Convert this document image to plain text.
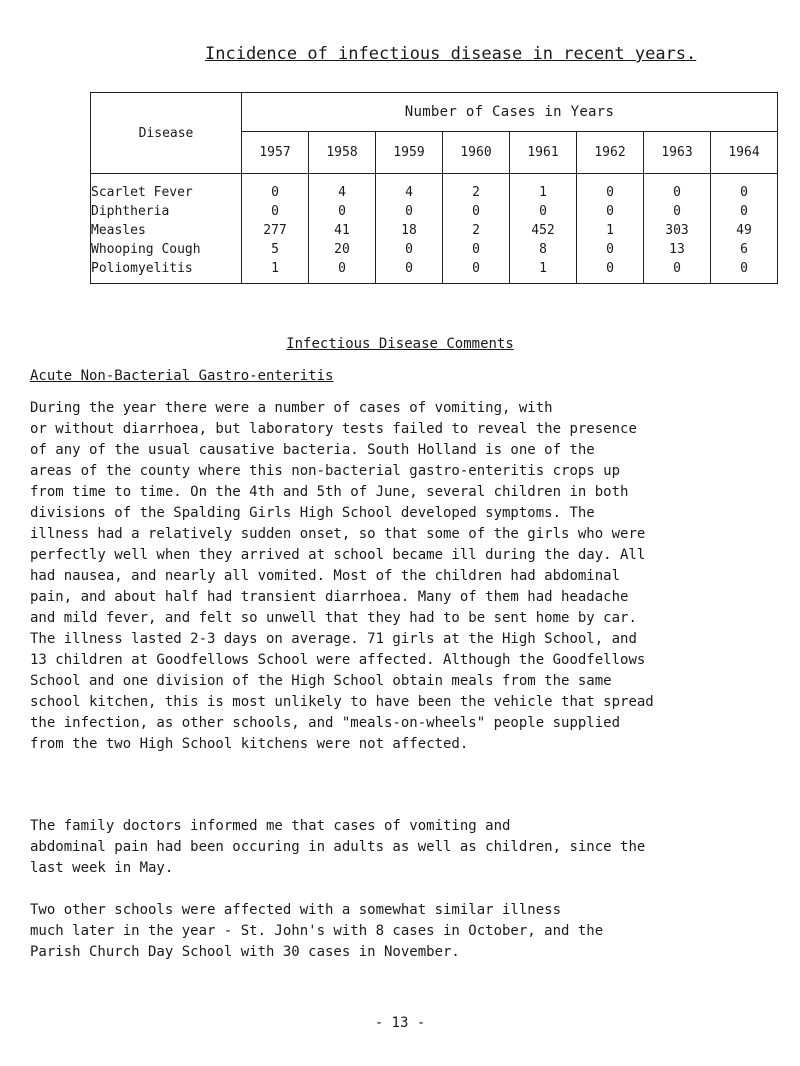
Incidence of infectious disease in recent years.
Disease	Number of Cases in Years							
	1957	1958	1959	1960	1961	1962	1963	1964
Scarlet Fever	0	4	4	2	1	0	0	0
Diphtheria	0	0	0	0	0	0	0	0
Measles	277	41	18	2	452	1	303	49
Whooping Cough	5	20	0	0	8	0	13	6
Poliomyelitis	1	0	0	0	1	0	0	0
Infectious Disease Comments
Acute Non-Bacterial Gastro-enteritis
During the year there were a number of cases of vomiting, with
or without diarrhoea, but laboratory tests failed to reveal the presence
of any of the usual causative bacteria. South Holland is one of the
areas of the county where this non-bacterial gastro-enteritis crops up
from time to time. On the 4th and 5th of June, several children in both
divisions of the Spalding Girls High School developed symptoms. The
illness had a relatively sudden onset, so that some of the girls who were
perfectly well when they arrived at school became ill during the day. All
had nausea, and nearly all vomited. Most of the children had abdominal
pain, and about half had transient diarrhoea. Many of them had headache
and mild fever, and felt so unwell that they had to be sent home by car.
The illness lasted 2-3 days on average. 71 girls at the High School, and
13 children at Goodfellows School were affected. Although the Goodfellows
School and one division of the High School obtain meals from the same
school kitchen, this is most unlikely to have been the vehicle that spread
the infection, as other schools, and "meals-on-wheels" people supplied
from the two High School kitchens were not affected.
The family doctors informed me that cases of vomiting and
abdominal pain had been occuring in adults as well as children, since the
last week in May.
Two other schools were affected with a somewhat similar illness
much later in the year - St. John's with 8 cases in October, and the
Parish Church Day School with 30 cases in November.
- 13 -
